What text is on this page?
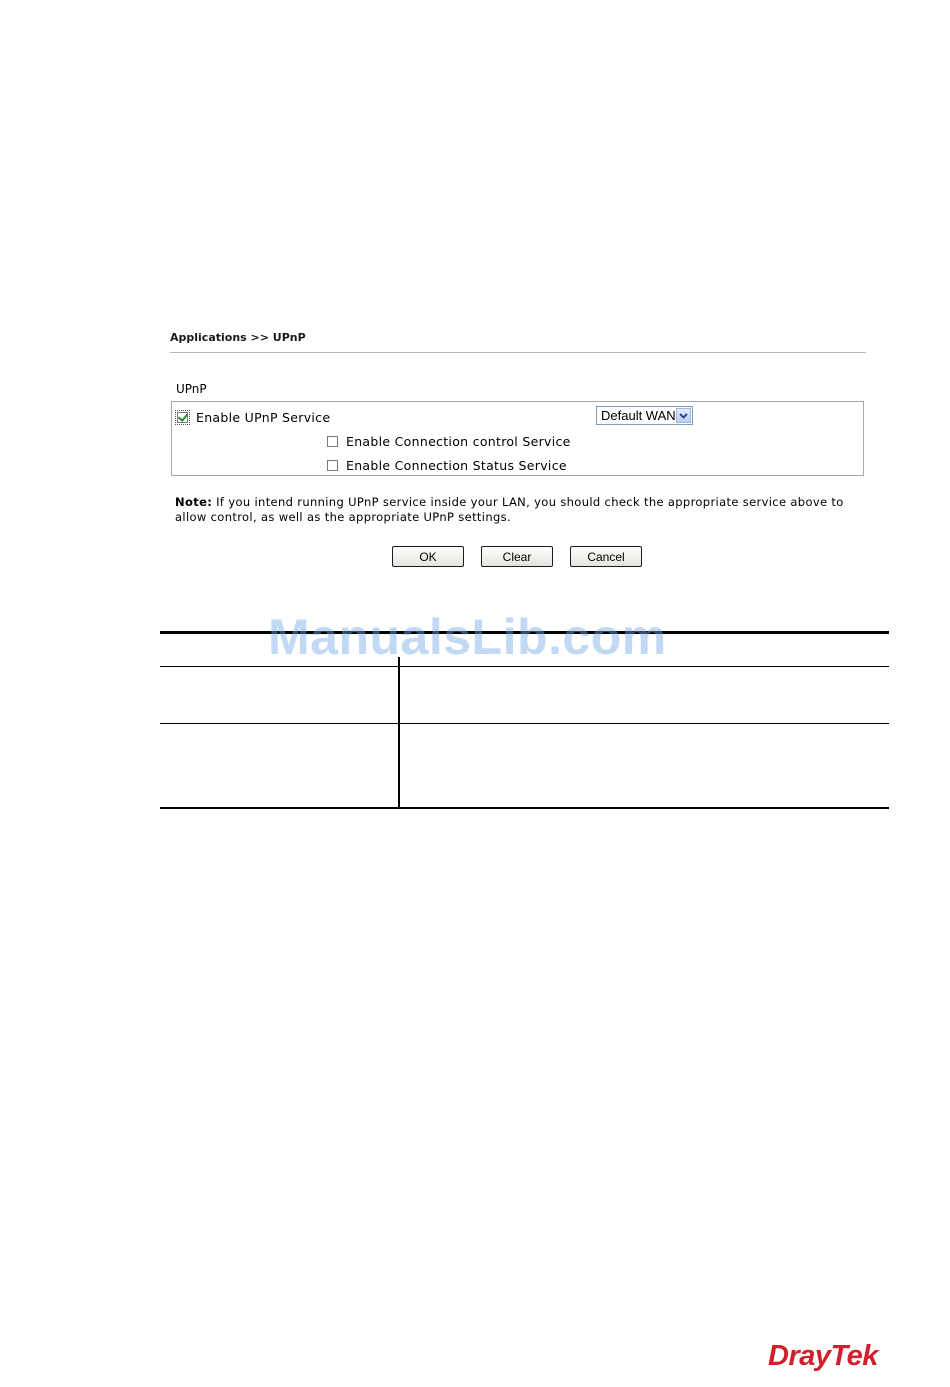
Applications >> UPnP
UPnP
Enable UPnP Service	Default WAN
Enable Connection control Service
Enable Connection Status Service
Note: If you intend running UPnP service inside your LAN, you should check the appropriate service above to allow control, as well as the appropriate UPnP settings.
OK	Clear	Cancel
ManualsLib.com
DrayTek
